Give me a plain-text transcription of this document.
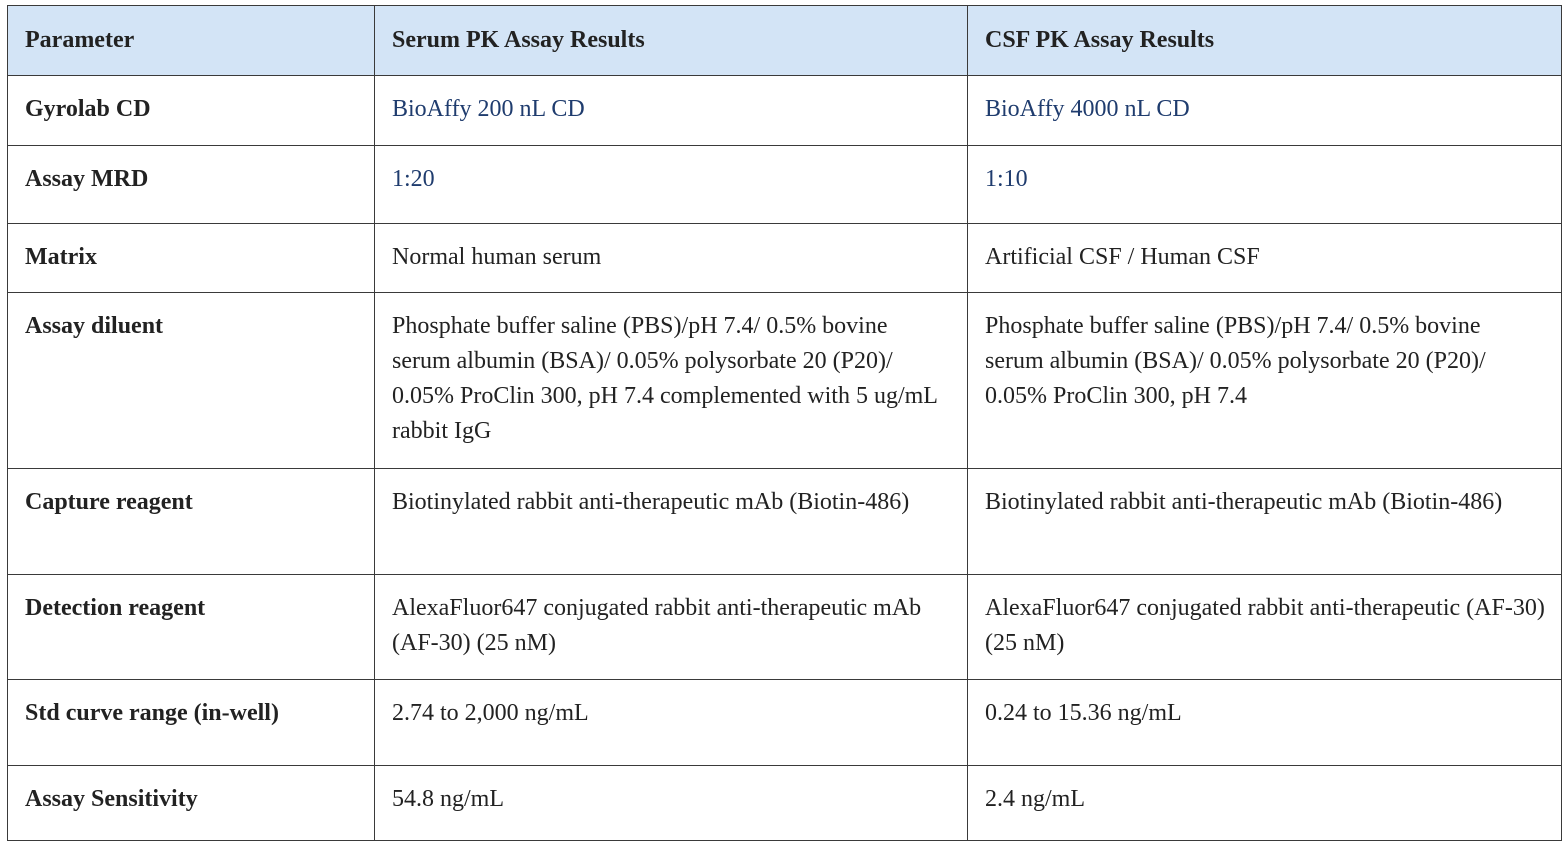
Parameter	Serum PK Assay Results	CSF PK Assay Results
Gyrolab CD	BioAffy 200 nL CD	BioAffy 4000 nL CD
Assay MRD	1:20	1:10
Matrix	Normal human serum	Artificial CSF / Human CSF
Assay diluent	Phosphate buffer saline (PBS)/pH 7.4/ 0.5% bovine serum albumin (BSA)/ 0.05% polysorbate 20 (P20)/ 0.05% ProClin 300, pH 7.4 complemented with 5 ug/mL rabbit IgG	Phosphate buffer saline (PBS)/pH 7.4/ 0.5% bovine serum albumin (BSA)/ 0.05% polysorbate 20 (P20)/ 0.05% ProClin 300, pH 7.4
Capture reagent	Biotinylated rabbit anti-therapeutic mAb (Biotin-486)	Biotinylated rabbit anti-therapeutic mAb (Biotin-486)
Detection reagent	AlexaFluor647 conjugated rabbit anti-therapeutic mAb (AF-30) (25 nM)	AlexaFluor647 conjugated rabbit anti-therapeutic (AF-30) (25 nM)
Std curve range (in-well)	2.74 to 2,000 ng/mL	0.24 to 15.36 ng/mL
Assay Sensitivity	54.8 ng/mL	2.4 ng/mL
